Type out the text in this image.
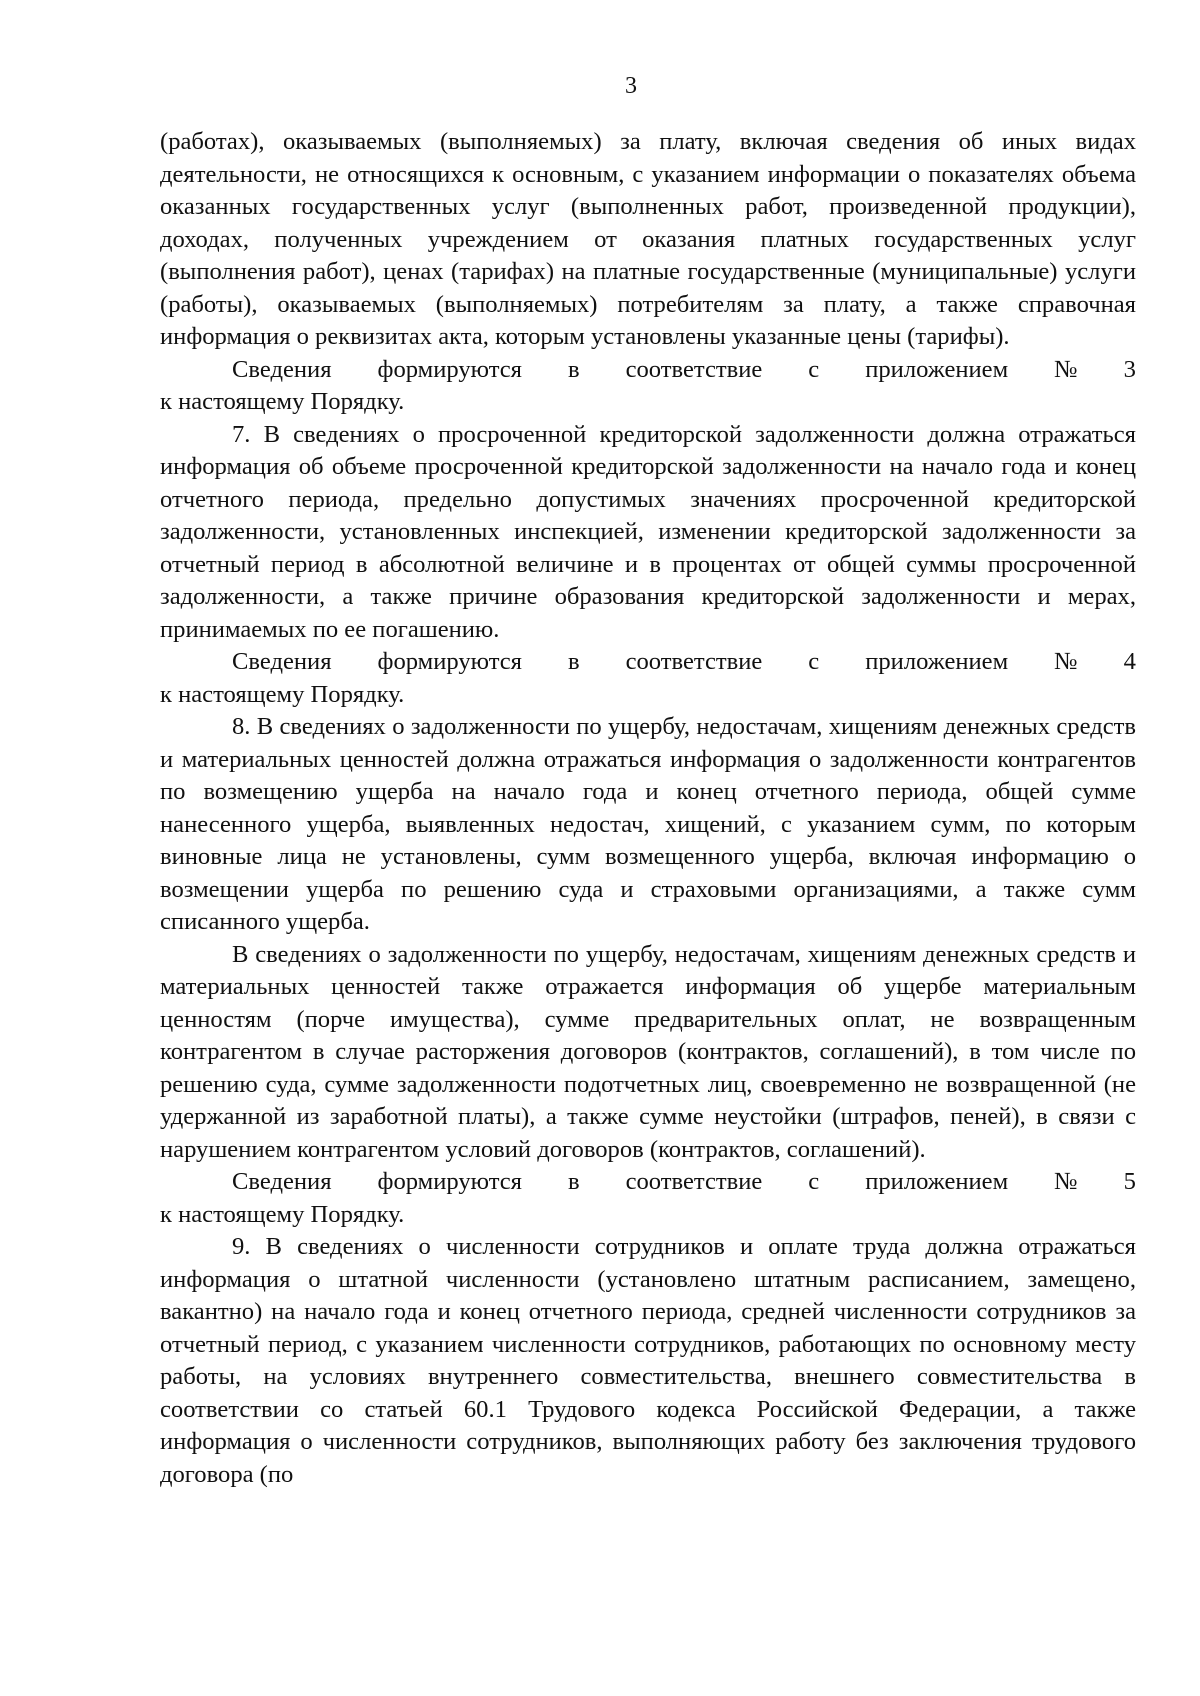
3

(работах), оказываемых (выполняемых) за плату, включая сведения об иных видах деятельности, не относящихся к основным, с указанием информации о показателях объема оказанных государственных услуг (выполненных работ, произведенной продукции), доходах, полученных учреждением от оказания платных государственных услуг (выполнения работ), ценах (тарифах) на платные государственные (муниципальные) услуги (работы), оказываемых (выполняемых) потребителям за плату, а также справочная информация о реквизитах акта, которым установлены указанные цены (тарифы).

Сведения формируются в соответствие с приложением № 3

к настоящему Порядку.

7. В сведениях о просроченной кредиторской задолженности должна отражаться информация об объеме просроченной кредиторской задолженности на начало года и конец отчетного периода, предельно допустимых значениях просроченной кредиторской задолженности, установленных инспекцией, изменении кредиторской задолженности за отчетный период в абсолютной величине и в процентах от общей суммы просроченной задолженности, а также причине образования кредиторской задолженности и мерах, принимаемых по ее погашению.

Сведения формируются в соответствие с приложением № 4

к настоящему Порядку.

8. В сведениях о задолженности по ущербу, недостачам, хищениям денежных средств и материальных ценностей должна отражаться информация о задолженности контрагентов по возмещению ущерба на начало года и конец отчетного периода, общей сумме нанесенного ущерба, выявленных недостач, хищений, с указанием сумм, по которым виновные лица не установлены, сумм возмещенного ущерба, включая информацию о возмещении ущерба по решению суда и страховыми организациями, а также сумм списанного ущерба.

В сведениях о задолженности по ущербу, недостачам, хищениям денежных средств и материальных ценностей также отражается информация об ущербе материальным ценностям (порче имущества), сумме предварительных оплат, не возвращенным контрагентом в случае расторжения договоров (контрактов, соглашений), в том числе по решению суда, сумме задолженности подотчетных лиц, своевременно не возвращенной (не удержанной из заработной платы), а также сумме неустойки (штрафов, пеней), в связи с нарушением контрагентом условий договоров (контрактов, соглашений).

Сведения формируются в соответствие с приложением № 5

к настоящему Порядку.

9. В сведениях о численности сотрудников и оплате труда должна отражаться информация о штатной численности (установлено штатным расписанием, замещено, вакантно) на начало года и конец отчетного периода, средней численности сотрудников за отчетный период, с указанием численности сотрудников, работающих по основному месту работы, на условиях внутреннего совместительства, внешнего совместительства в соответствии со статьей 60.1 Трудового кодекса Российской Федерации, а также информация о численности сотрудников, выполняющих работу без заключения трудового договора (по
